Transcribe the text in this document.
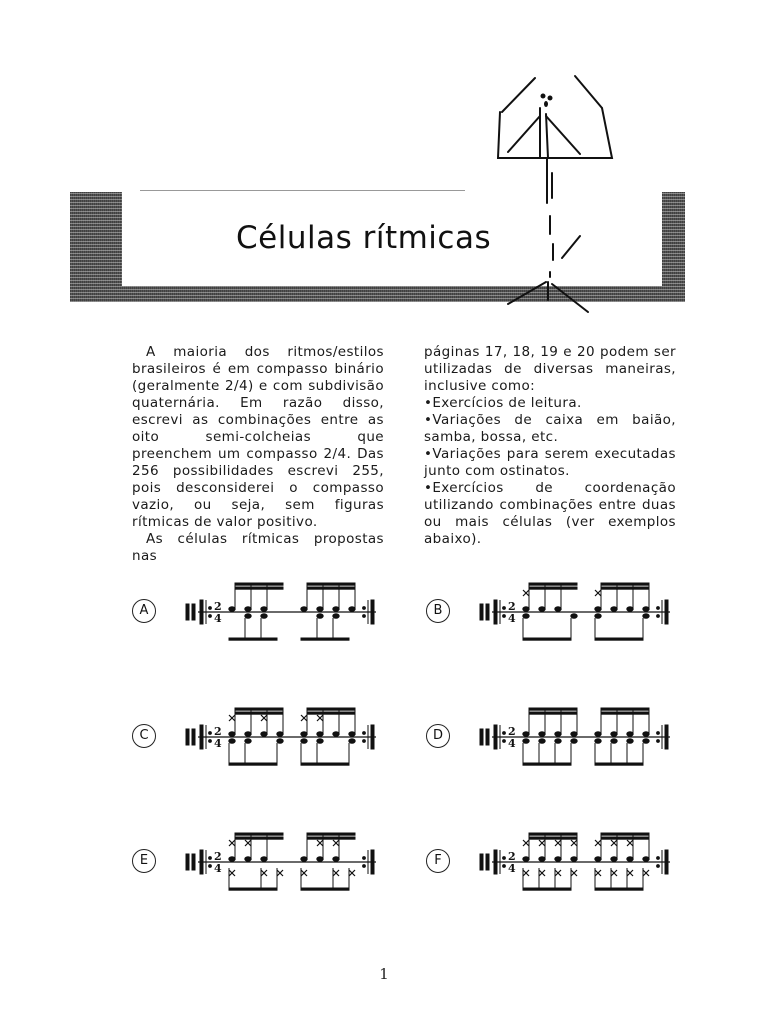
Células rítmicas

A maioria dos ritmos/estilos brasileiros é em compasso binário (geralmente 2/4) e com subdivisão quaternária. Em razão disso, escrevi as combinações entre as oito semi-colcheias que preenchem um compasso 2/4. Das 256 possibilidades escrevi 255, pois desconsiderei o compasso vazio, ou seja, sem figuras rítmicas de valor positivo.

As células rítmicas propostas nas

páginas 17, 18, 19 e 20 podem ser utilizadas de diversas maneiras, inclusive como:

• Exercícios de leitura.

• Variações de caixa em baião, samba, bossa, etc.

• Variações para serem executadas junto com ostinatos.

• Exercícios de coordenação utilizando combinações entre duas ou mais células (ver exemplos abaixo).

A	2
4
B	2
4
C	2
4
D	2
4
E	2
4
F	2
4
1
